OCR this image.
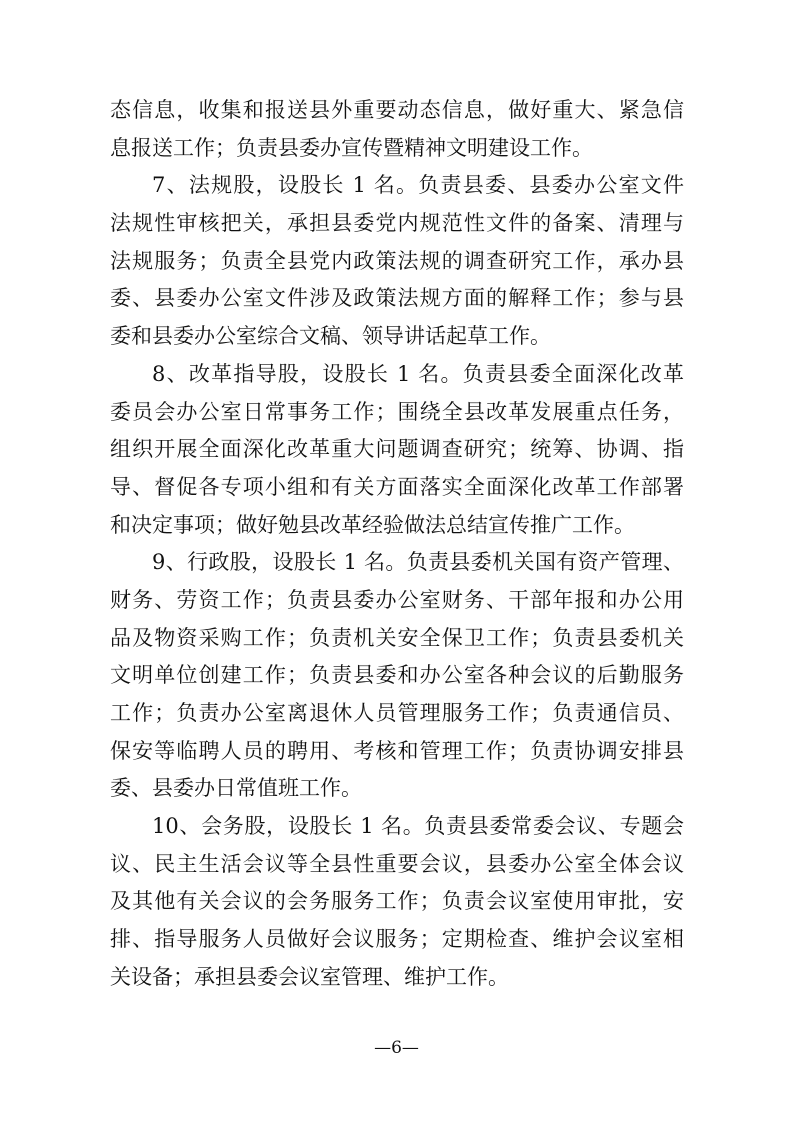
态信息，收集和报送县外重要动态信息，做好重大、紧急信
息报送工作；负责县委办宣传暨精神文明建设工作。
7、法规股，设股长 1 名。负责县委、县委办公室文件
法规性审核把关，承担县委党内规范性文件的备案、清理与
法规服务；负责全县党内政策法规的调查研究工作，承办县
委、县委办公室文件涉及政策法规方面的解释工作；参与县
委和县委办公室综合文稿、领导讲话起草工作。
8、改革指导股，设股长 1 名。负责县委全面深化改革
委员会办公室日常事务工作；围绕全县改革发展重点任务，
组织开展全面深化改革重大问题调查研究；统筹、协调、指
导、督促各专项小组和有关方面落实全面深化改革工作部署
和决定事项；做好勉县改革经验做法总结宣传推广工作。
9、行政股，设股长 1 名。负责县委机关国有资产管理、
财务、劳资工作；负责县委办公室财务、干部年报和办公用
品及物资采购工作；负责机关安全保卫工作；负责县委机关
文明单位创建工作；负责县委和办公室各种会议的后勤服务
工作；负责办公室离退休人员管理服务工作；负责通信员、
保安等临聘人员的聘用、考核和管理工作；负责协调安排县
委、县委办日常值班工作。
10、会务股，设股长 1 名。负责县委常委会议、专题会
议、民主生活会议等全县性重要会议，县委办公室全体会议
及其他有关会议的会务服务工作；负责会议室使用审批，安
排、指导服务人员做好会议服务；定期检查、维护会议室相
关设备；承担县委会议室管理、维护工作。
—6—
